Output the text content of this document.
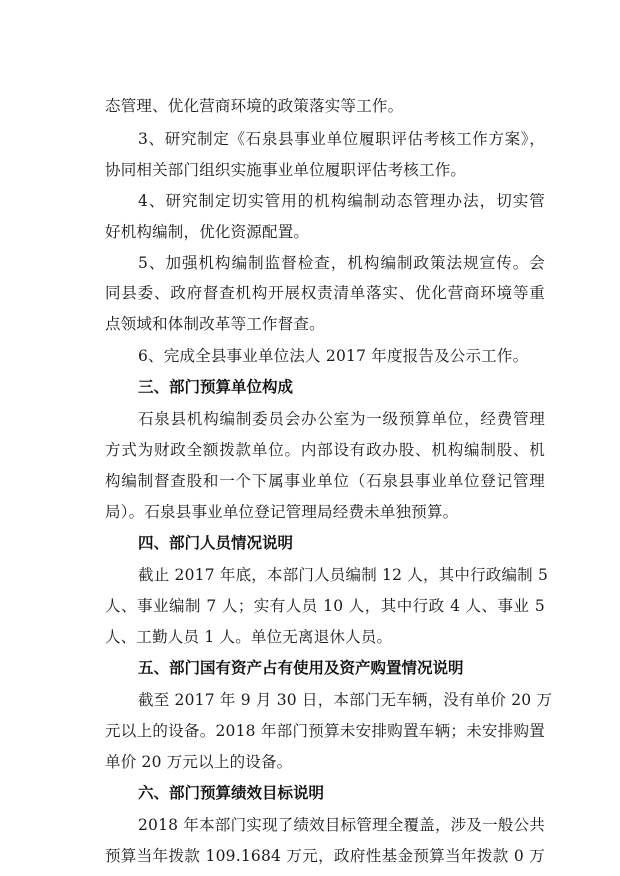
态管理、优化营商环境的政策落实等工作。
3、研究制定《石泉县事业单位履职评估考核工作方案》，
协同相关部门组织实施事业单位履职评估考核工作。
4、研究制定切实管用的机构编制动态管理办法，切实管
好机构编制，优化资源配置。
5、加强机构编制监督检查，机构编制政策法规宣传。会
同县委、政府督查机构开展权责清单落实、优化营商环境等重
点领域和体制改革等工作督查。
6、完成全县事业单位法人 2017 年度报告及公示工作。
三、部门预算单位构成
石泉县机构编制委员会办公室为一级预算单位，经费管理
方式为财政全额拨款单位。内部设有政办股、机构编制股、机
构编制督查股和一个下属事业单位（石泉县事业单位登记管理
局）。石泉县事业单位登记管理局经费未单独预算。
四、部门人员情况说明
截止 2017 年底，本部门人员编制 12 人，其中行政编制 5
人、事业编制 7 人；实有人员 10 人，其中行政 4 人、事业 5
人、工勤人员 1 人。单位无离退休人员。
五、部门国有资产占有使用及资产购置情况说明
截至 2017 年 9 月 30 日，本部门无车辆，没有单价 20 万
元以上的设备。2018 年部门预算未安排购置车辆；未安排购置
单价 20 万元以上的设备。
六、部门预算绩效目标说明
2018 年本部门实现了绩效目标管理全覆盖，涉及一般公共
预算当年拨款 109.1684 万元，政府性基金预算当年拨款 0 万
